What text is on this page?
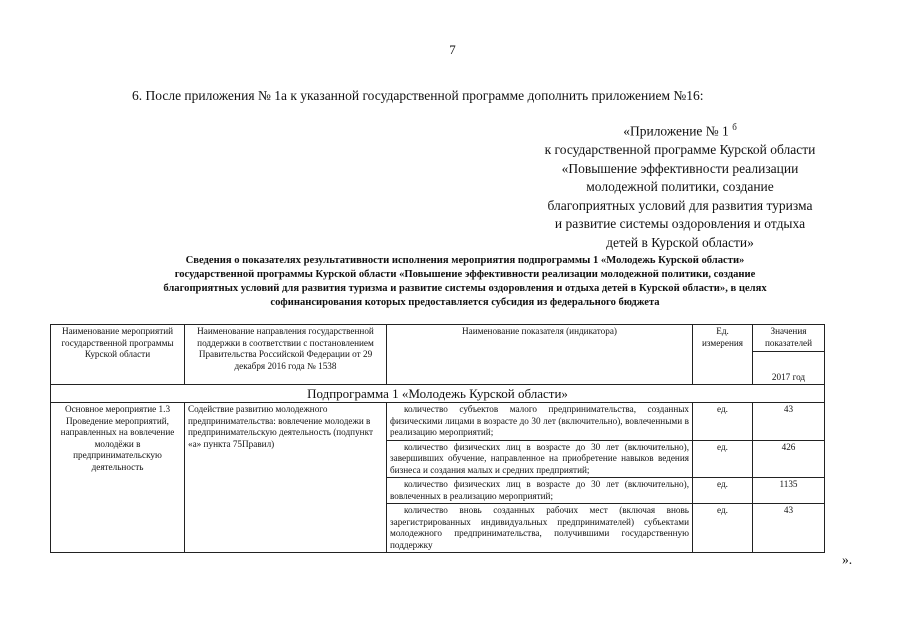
7
6. После приложения № 1а к указанной государственной программе дополнить приложением №16:
«Приложение № 1 $^б$
к государственной программе Курской области
«Повышение эффективности реализации
молодежной политики, создание
благоприятных условий для развития туризма
и развитие системы оздоровления и отдыха
детей в Курской области»
Сведения о показателях результативности исполнения мероприятия подпрограммы 1 «Молодежь Курской области»
государственной программы Курской области «Повышение эффективности реализации молодежной политики, создание
благоприятных условий для развития туризма и развитие системы оздоровления и отдыха детей в Курской области», в целях
софинансирования которых предоставляется субсидия из федерального бюджета
Наименование мероприятий государственной программы Курской области	Наименование направления государственной поддержки в соответствии с постановлением Правительства Российской Федерации от 29 декабря 2016 года № 1538	Наименование показателя (индикатора)	Ед. измерения	Значения показателей
				2017 год
Подпрограмма 1 «Молодежь Курской области»				
Основное мероприятие 1.3 Проведение мероприятий, направленных на вовлечение молодёжи в предпринимательскую деятельность	Содействие развитию молодежного предпринимательства: вовлечение молодежи в предпринимательскую деятельность (подпункт «а» пункта 75Правил)	количество субъектов малого предпринимательства, созданных физическими лицами в возрасте до 30 лет (включительно), вовлеченными в реализацию мероприятий;	ед.	43

		количество физических лиц в возрасте до 30 лет (включительно), завершивших обучение, направленное на приобретение навыков ведения бизнеса и создания малых и средних предприятий;	ед.	426

		количество физических лиц в возрасте до 30 лет (включительно), вовлеченных в реализацию мероприятий;	ед.	1135

		количество вновь созданных рабочих мест (включая вновь зарегистрированных индивидуальных предпринимателей) субъектами молодежного предпринимательства, получившими государственную поддержку	ед.	43
».
